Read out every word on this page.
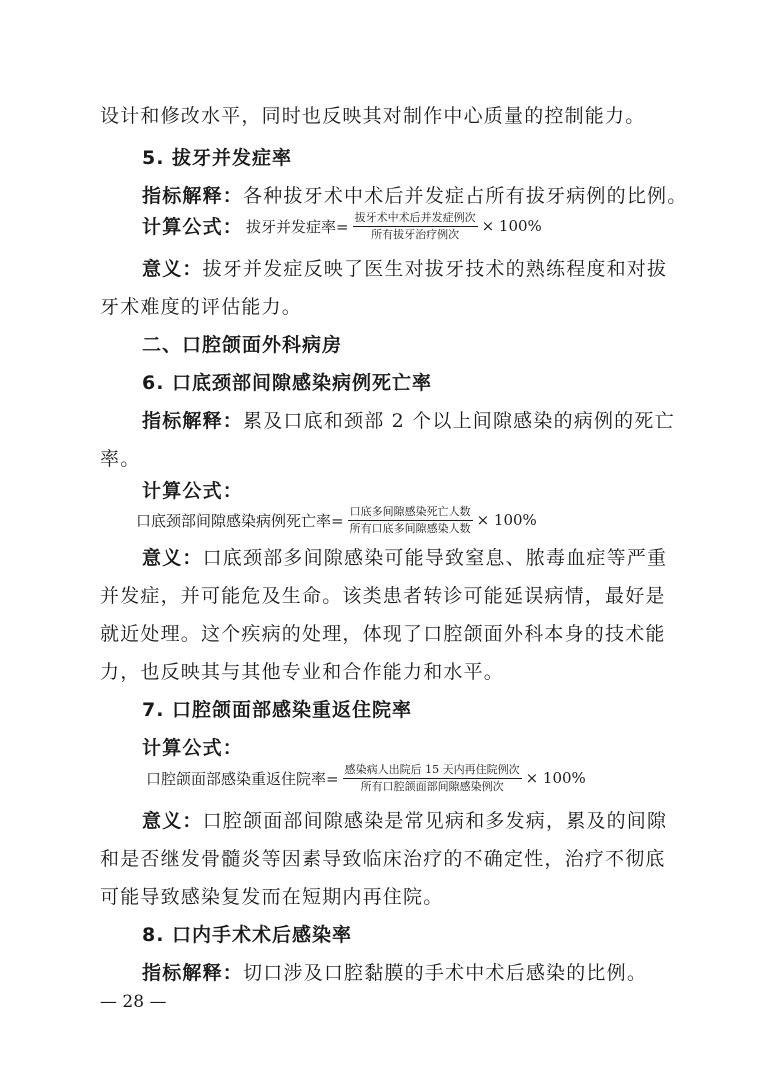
设计和修改水平，同时也反映其对制作中心质量的控制能力。
5. 拔牙并发症率
指标解释：各种拔牙术中术后并发症占所有拔牙病例的比例。
计算公式： 拔牙并发症率= $\frac{\text{拔牙术中术后并发症例次}}{\text{所有拔牙治疗例次}} \times 100\%$
意义：拔牙并发症反映了医生对拔牙技术的熟练程度和对拔
牙术难度的评估能力。
二、口腔颌面外科病房
6. 口底颈部间隙感染病例死亡率
指标解释：累及口底和颈部 2 个以上间隙感染的病例的死亡
率。
计算公式：
口底颈部间隙感染病例死亡率= $\frac{\text{口底多间隙感染死亡人数}}{\text{所有口底多间隙感染人数}} \times 100\%$
意义：口底颈部多间隙感染可能导致窒息、脓毒血症等严重
并发症，并可能危及生命。该类患者转诊可能延误病情，最好是
就近处理。这个疾病的处理，体现了口腔颌面外科本身的技术能
力，也反映其与其他专业和合作能力和水平。
7. 口腔颌面部感染重返住院率
计算公式：
口腔颌面部感染重返住院率= $\frac{\text{感染病人出院后 15 天内再住院例次}}{\text{所有口腔颌面部间隙感染例次}} \times 100\%$
意义：口腔颌面部间隙感染是常见病和多发病，累及的间隙
和是否继发骨髓炎等因素导致临床治疗的不确定性，治疗不彻底
可能导致感染复发而在短期内再住院。
8. 口内手术术后感染率
指标解释：切口涉及口腔黏膜的手术中术后感染的比例。
— 28 —
